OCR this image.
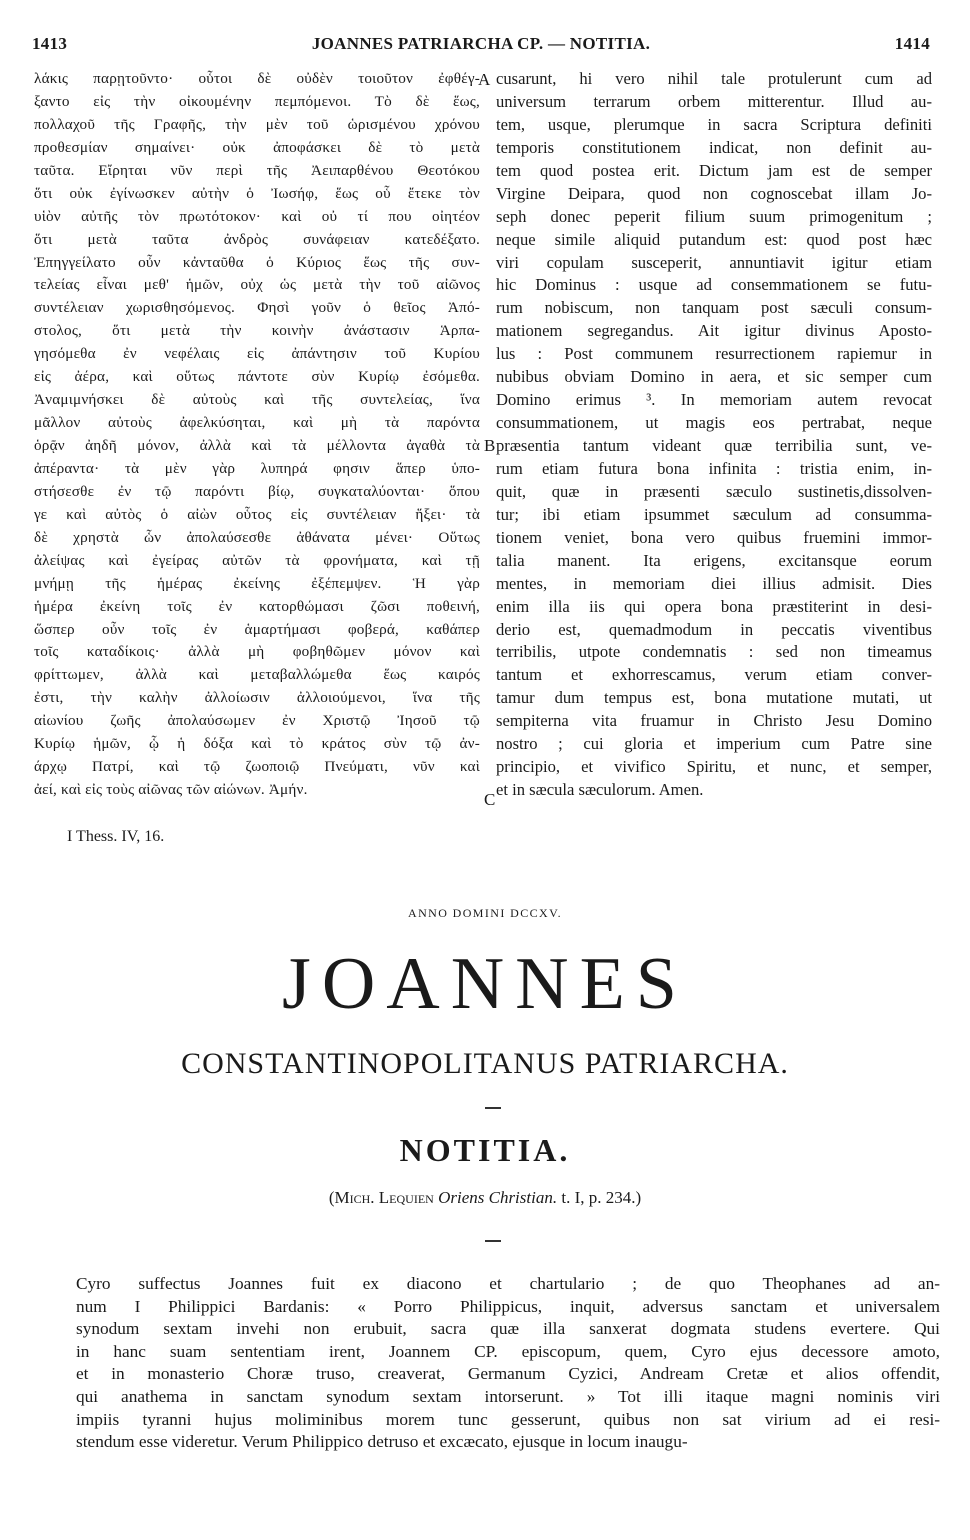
1413	JOANNES PATRIARCHA CP. — NOTITIA.	1414
λάκις παρῃτοῦντο· οὗτοι δὲ οὐδὲν τοιοῦτον ἐφθέγ-
ξαντο εἰς τὴν οἰκουμένην πεμπόμενοι. Τὸ δὲ ἕως,
πολλαχοῦ τῆς Γραφῆς, τὴν μὲν τοῦ ὡρισμένου χρόνου
προθεσμίαν σημαίνει· οὐκ ἀποφάσκει δὲ τὸ μετὰ
ταῦτα. Εἴρηται νῦν περὶ τῆς Ἀειπαρθένου Θεοτόκου
ὅτι οὐκ ἐγίνωσκεν αὐτὴν ὁ Ἰωσήφ, ἕως οὗ ἔτεκε τὸν
υἱὸν αὐτῆς τὸν πρωτότοκον· καὶ οὐ τί που οἰητέον
ὅτι μετὰ ταῦτα ἀνδρὸς συνάφειαν κατεδέξατο.
Ἐπηγγείλατο οὖν κἀνταῦθα ὁ Κύριος ἕως τῆς συν-
τελείας εἶναι μεθ' ἡμῶν, οὐχ ὡς μετὰ τὴν τοῦ αἰῶνος
συντέλειαν χωρισθησόμενος. Φησὶ γοῦν ὁ θεῖος Ἀπό-
στολος, ὅτι μετὰ τὴν κοινὴν ἀνάστασιν Ἁρπα-
γησόμεθα ἐν νεφέλαις εἰς ἀπάντησιν τοῦ Κυρίου
εἰς ἀέρα, καὶ οὕτως πάντοτε σὺν Κυρίῳ ἐσόμεθα.
Ἀναμιμνήσκει δὲ αὐτοὺς καὶ τῆς συντελείας, ἵνα
μᾶλλον αὐτοὺς ἀφελκύσηται, καὶ μὴ τὰ παρόντα
ὁρᾷν ἀηδῆ μόνον, ἀλλὰ καὶ τὰ μέλλοντα ἀγαθὰ τὰ
ἀπέραντα· τὰ μὲν γὰρ λυπηρά φησιν ἅπερ ὑπο-
στήσεσθε ἐν τῷ παρόντι βίῳ, συγκαταλύονται· ὅπου
γε καὶ αὐτὸς ὁ αἰὼν οὗτος εἰς συντέλειαν ἥξει· τὰ
δὲ χρηστὰ ὧν ἀπολαύσεσθε ἀθάνατα μένει· Οὕτως
ἀλείψας καὶ ἐγείρας αὐτῶν τὰ φρονήματα, καὶ τῇ
μνήμῃ τῆς ἡμέρας ἐκείνης ἐξέπεμψεν. Ἡ γὰρ
ἡμέρα ἐκείνη τοῖς ἐν κατορθώμασι ζῶσι ποθεινή,
ὥσπερ οὖν τοῖς ἐν ἁμαρτήμασι φοβερά, καθάπερ
τοῖς καταδίκοις· ἀλλὰ μὴ φοβηθῶμεν μόνον καὶ
φρίττωμεν, ἀλλὰ καὶ μεταβαλλώμεθα ἕως καιρός
ἐστι, τὴν καλὴν ἀλλοίωσιν ἀλλοιούμενοι, ἵνα τῆς
αἰωνίου ζωῆς ἀπολαύσωμεν ἐν Χριστῷ Ἰησοῦ τῷ
Κυρίῳ ἡμῶν, ᾧ ἡ δόξα καὶ τὸ κράτος σὺν τῷ ἀν-
άρχῳ Πατρί, καὶ τῷ ζωοποιῷ Πνεύματι, νῦν καὶ
ἀεί, καὶ εἰς τοὺς αἰῶνας τῶν αἰώνων. Ἀμήν.
cusarunt, hi vero nihil tale protulerunt cum ad
universum terrarum orbem mitterentur. Illud au-
tem, usque, plerumque in sacra Scriptura definiti
temporis constitutionem indicat, non definit au-
tem quod postea erit. Dictum jam est de semper
Virgine Deipara, quod non cognoscebat illam Jo-
seph donec peperit filium suum primogenitum ;
neque simile aliquid putandum est: quod post hæc
viri copulam susceperit, annuntiavit igitur etiam
hic Dominus : usque ad consemmationem se futu-
rum nobiscum, non tanquam post sæculi consum-
mationem segregandus. Ait igitur divinus Aposto-
lus : Post communem resurrectionem rapiemur in
nubibus obviam Domino in aera, et sic semper cum
Domino erimus ³. In memoriam autem revocat
consummationem, ut magis eos pertrabat, neque
præsentia tantum videant quæ terribilia sunt, ve-
rum etiam futura bona infinita : tristia enim, in-
quit, quæ in præsenti sæculo sustinetis,dissolven-
tur; ibi etiam ipsummet sæculum ad consumma-
tionem veniet, bona vero quibus fruemini immor-
talia manent. Ita erigens, excitansque eorum
mentes, in memoriam diei illius admisit. Dies
enim illa iis qui opera bona præstiterint in desi-
derio est, quemadmodum in peccatis viventibus
terribilis, utpote condemnatis : sed non timeamus
tantum et exhorrescamus, verum etiam conver-
tamur dum tempus est, bona mutatione mutati, ut
sempiterna vita fruamur in Christo Jesu Domino
nostro ; cui gloria et imperium cum Patre sine
principio, et vivifico Spiritu, et nunc, et semper,
et in sæcula sæculorum. Amen.
A
B
C
I Thess. IV, 16.
ANNO DOMINI DCCXV.
JOANNES
CONSTANTINOPOLITANUS PATRIARCHA.
NOTITIA.
(Mich. Lequien Oriens Christian. t. I, p. 234.)
Cyro suffectus Joannes fuit ex diacono et chartulario ; de quo Theophanes ad an-
num I Philippici Bardanis: « Porro Philippicus, inquit, adversus sanctam et universalem
synodum sextam invehi non erubuit, sacra quæ illa sanxerat dogmata studens evertere. Qui
in hanc suam sententiam irent, Joannem CP. episcopum, quem, Cyro ejus decessore amoto,
et in monasterio Choræ truso, creaverat, Germanum Cyzici, Andream Cretæ et alios offendit,
qui anathema in sanctam synodum sextam intorserunt. » Tot illi itaque magni nominis viri
impiis tyranni hujus moliminibus morem tunc gesserunt, quibus non sat virium ad ei resi-
stendum esse videretur. Verum Philippico detruso et excæcato, ejusque in locum inaugu-
